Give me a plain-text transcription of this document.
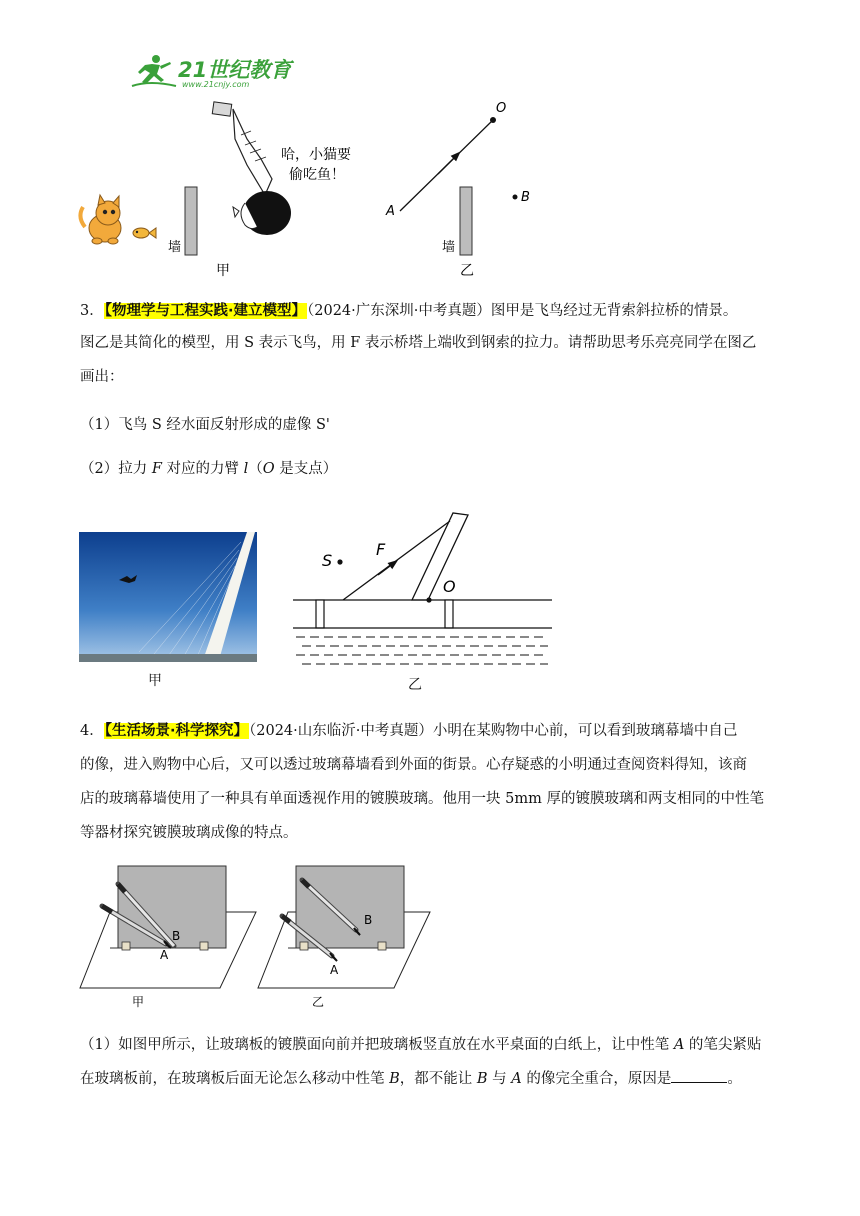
21世纪教育
www.21cnjy.com
墙
哈，小猫要
偷吃鱼！
甲
O
A
B
墙
乙
3．【物理学与工程实践·建立模型】（2024·广东深圳·中考真题）图甲是飞鸟经过无背索斜拉桥的情景。
图乙是其简化的模型，用 S 表示飞鸟，用 F 表示桥塔上端收到钢索的拉力。请帮助思考乐亮亮同学在图乙
画出：
（1）飞鸟 S 经水面反射形成的虚像 S'
（2）拉力 F 对应的力臂 l（O 是支点）
甲
S
F
O
乙
4．【生活场景·科学探究】（2024·山东临沂·中考真题）小明在某购物中心前，可以看到玻璃幕墙中自己
的像，进入购物中心后，又可以透过玻璃幕墙看到外面的街景。心存疑惑的小明通过查阅资料得知，该商
店的玻璃幕墙使用了一种具有单面透视作用的镀膜玻璃。他用一块 5mm 厚的镀膜玻璃和两支相同的中性笔
等器材探究镀膜玻璃成像的特点。
B
A
甲
B
A
乙
（1）如图甲所示，让玻璃板的镀膜面向前并把玻璃板竖直放在水平桌面的白纸上，让中性笔 A 的笔尖紧贴
在玻璃板前，在玻璃板后面无论怎么移动中性笔 B，都不能让 B 与 A 的像完全重合，原因是	。
